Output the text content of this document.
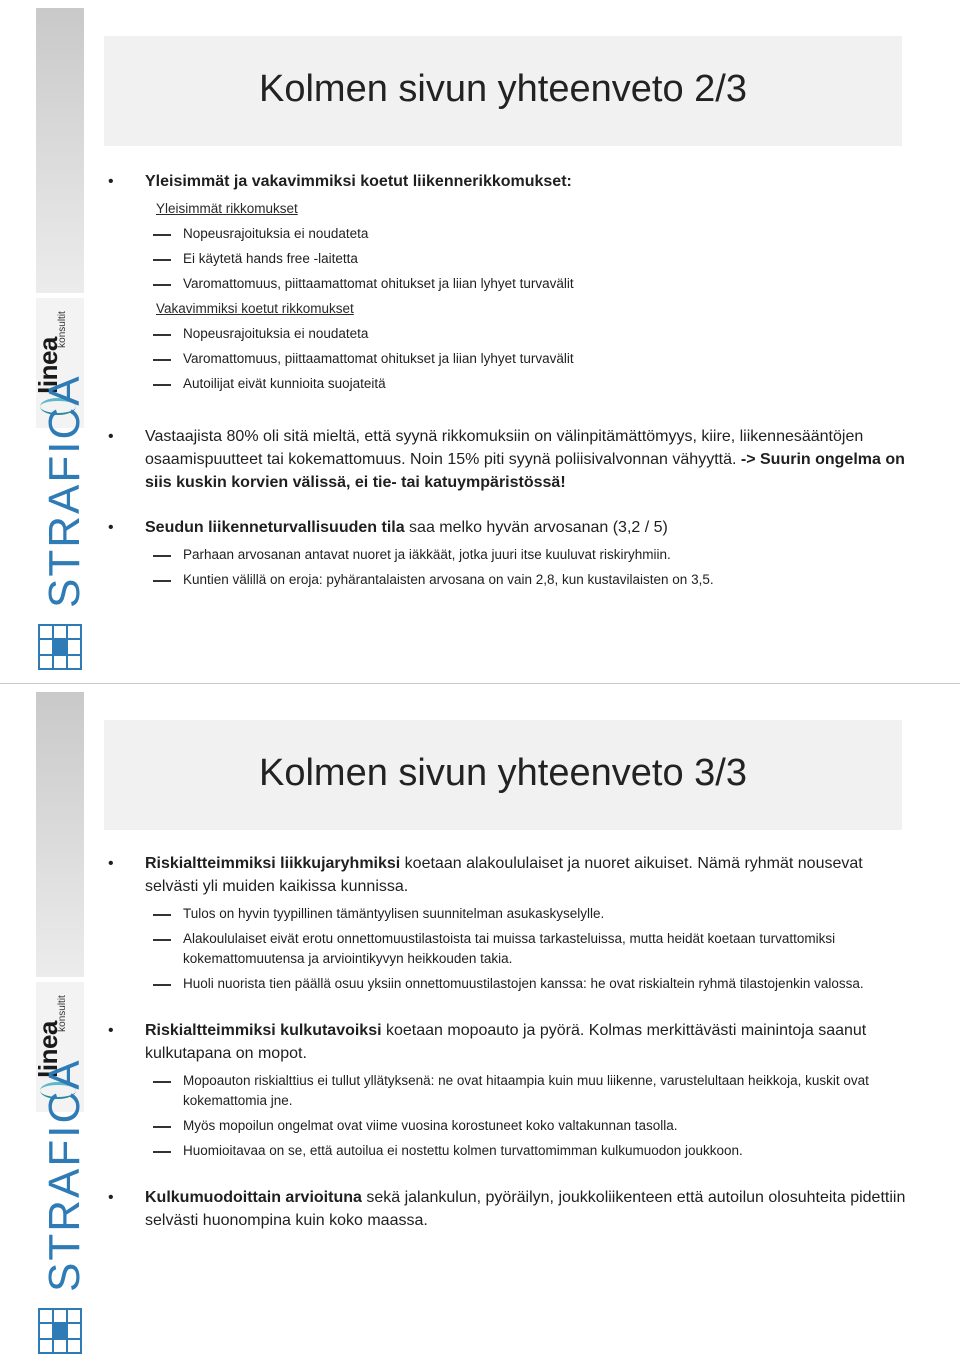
linea
konsultit
STRAFICA
Kolmen sivun yhteenveto 2/3
• Yleisimmät ja vakavimmiksi koetut liikennerikkomukset:
Yleisimmät rikkomukset
Nopeusrajoituksia ei noudateta
Ei käytetä hands free -laitetta
Varomattomuus, piittaamattomat ohitukset ja liian lyhyet turvavälit
Vakavimmiksi koetut rikkomukset
Nopeusrajoituksia ei noudateta
Varomattomuus, piittaamattomat ohitukset ja liian lyhyet turvavälit
Autoilijat eivät kunnioita suojateitä
• Vastaajista 80% oli sitä mieltä, että syynä rikkomuksiin on välinpitämättömyys, kiire, liikennesääntöjen osaamispuutteet tai kokemattomuus. Noin 15% piti syynä poliisivalvonnan vähyyttä. -> Suurin ongelma on siis kuskin korvien välissä, ei tie- tai katuympäristössä!
• Seudun liikenneturvallisuuden tila saa melko hyvän arvosanan (3,2 / 5)
Parhaan arvosanan antavat nuoret ja iäkkäät, jotka juuri itse kuuluvat riskiryhmiin.
Kuntien välillä on eroja: pyhärantalaisten arvosana on vain 2,8, kun kustavilaisten on 3,5.
linea
konsultit
STRAFICA
Kolmen sivun yhteenveto 3/3
• Riskialtteimmiksi liikkujaryhmiksi koetaan alakoululaiset ja nuoret aikuiset. Nämä ryhmät nousevat selvästi yli muiden kaikissa kunnissa.
Tulos on hyvin tyypillinen tämäntyylisen suunnitelman asukaskyselylle.
Alakoululaiset eivät erotu onnettomuustilastoista tai muissa tarkasteluissa, mutta heidät koetaan turvattomiksi kokemattomuutensa ja arviointikyvyn heikkouden takia.
Huoli nuorista tien päällä osuu yksiin onnettomuustilastojen kanssa: he ovat riskialtein ryhmä tilastojenkin valossa.
• Riskialtteimmiksi kulkutavoiksi koetaan mopoauto ja pyörä. Kolmas merkittävästi mainintoja saanut kulkutapana on mopot.
Mopoauton riskialttius ei tullut yllätyksenä: ne ovat hitaampia kuin muu liikenne, varustelultaan heikkoja, kuskit ovat kokemattomia jne.
Myös mopoilun ongelmat ovat viime vuosina korostuneet koko valtakunnan tasolla.
Huomioitavaa on se, että autoilua ei nostettu kolmen turvattomimman kulkumuodon joukkoon.
• Kulkumuodoittain arvioituna sekä jalankulun, pyöräilyn, joukkoliikenteen että autoilun olosuhteita pidettiin selvästi huonompina kuin koko maassa.
